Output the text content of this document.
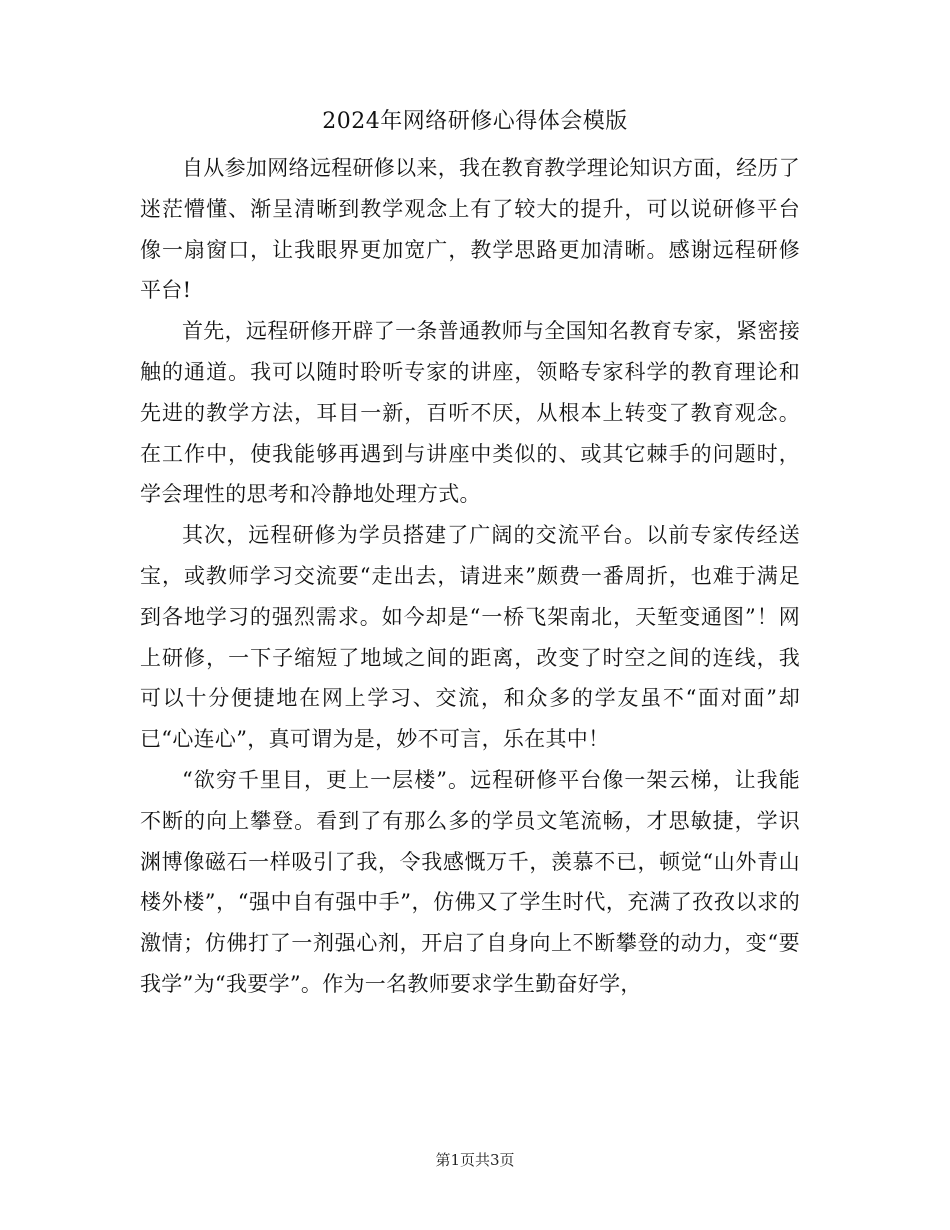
2024年网络研修心得体会模版

自从参加网络远程研修以来，我在教育教学理论知识方面，经历了迷茫懵懂、渐呈清晰到教学观念上有了较大的提升，可以说研修平台像一扇窗口，让我眼界更加宽广，教学思路更加清晰。感谢远程研修平台!

首先，远程研修开辟了一条普通教师与全国知名教育专家，紧密接触的通道。我可以随时聆听专家的讲座，领略专家科学的教育理论和先进的教学方法，耳目一新，百听不厌，从根本上转变了教育观念。在工作中，使我能够再遇到与讲座中类似的、或其它棘手的问题时，学会理性的思考和冷静地处理方式。

其次，远程研修为学员搭建了广阔的交流平台。以前专家传经送宝，或教师学习交流要“走出去，请进来”颇费一番周折，也难于满足到各地学习的强烈需求。如今却是“一桥飞架南北，天堑变通图”！网上研修，一下子缩短了地域之间的距离，改变了时空之间的连线，我可以十分便捷地在网上学习、交流，和众多的学友虽不“面对面”却已“心连心”，真可谓为是，妙不可言，乐在其中！

“欲穷千里目，更上一层楼”。远程研修平台像一架云梯，让我能不断的向上攀登。看到了有那么多的学员文笔流畅，才思敏捷，学识渊博像磁石一样吸引了我，令我感慨万千，羡慕不已，顿觉“山外青山楼外楼”，“强中自有强中手”，仿佛又了学生时代，充满了孜孜以求的激情；仿佛打了一剂强心剂，开启了自身向上不断攀登的动力，变“要我学”为“我要学”。作为一名教师要求学生勤奋好学，

第1页共3页
